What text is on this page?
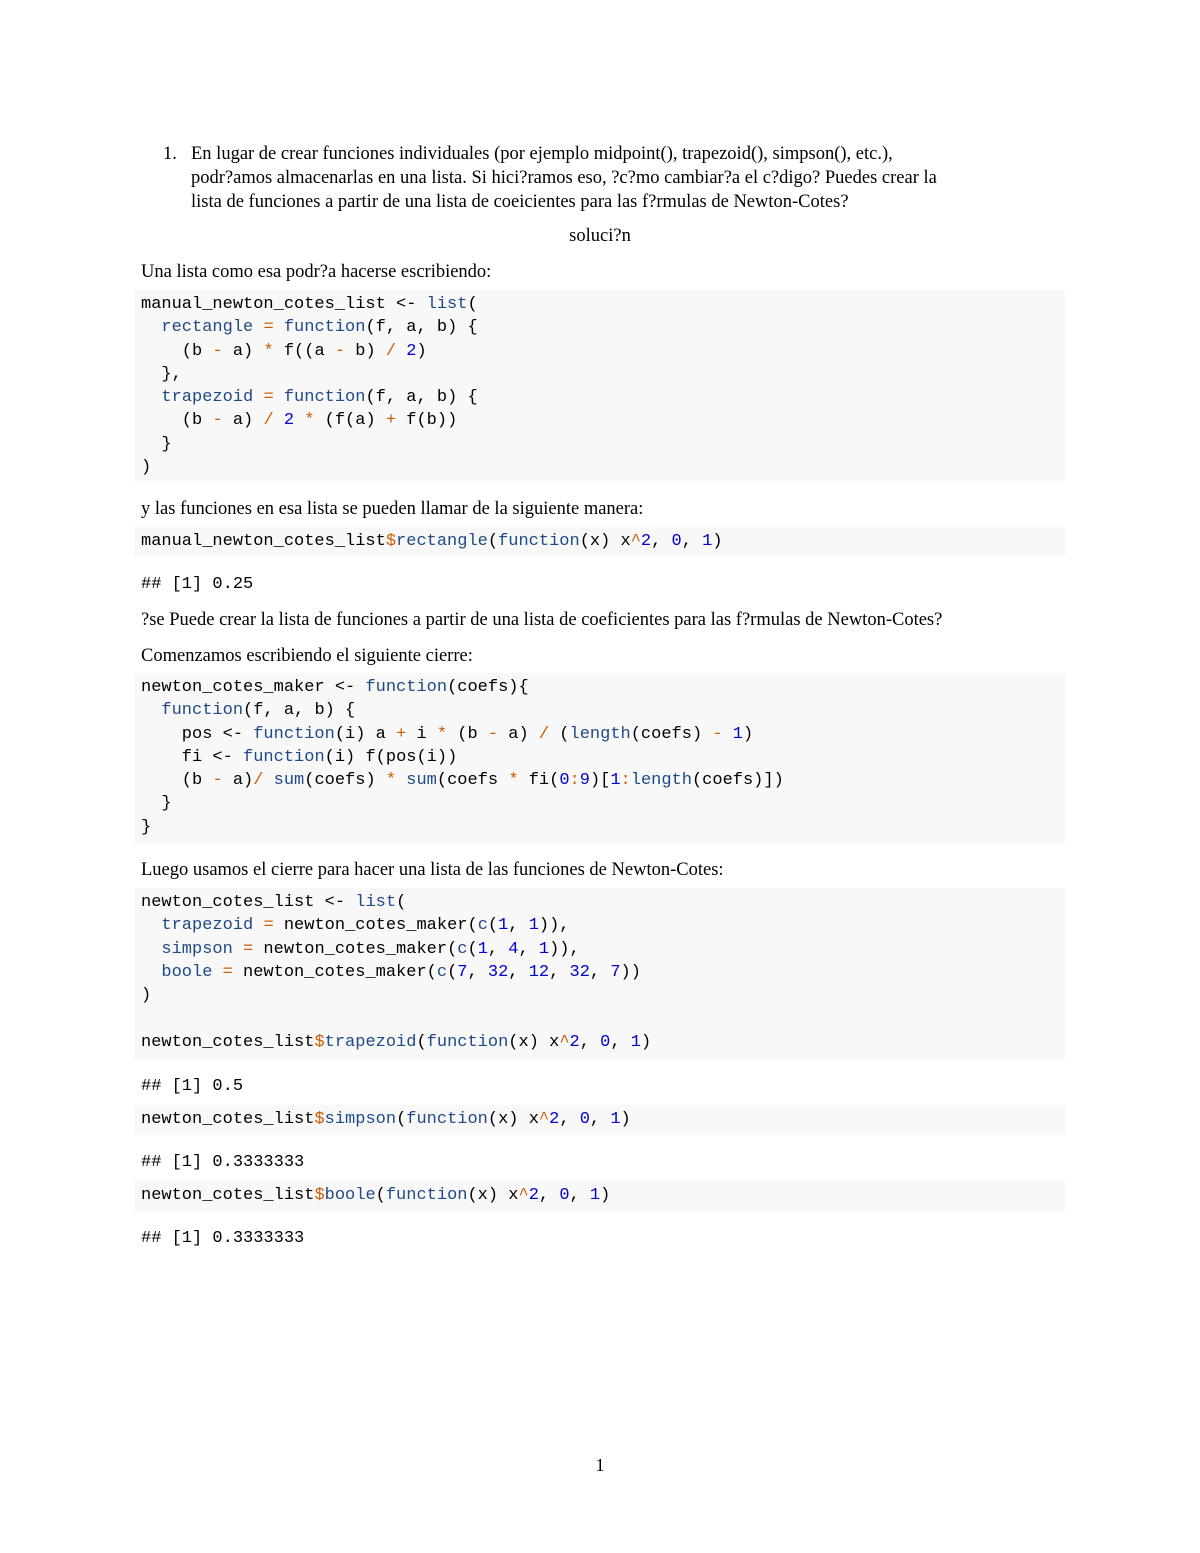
1. En lugar de crear funciones individuales (por ejemplo midpoint(), trapezoid(), simpson(), etc.),
podr?amos almacenarlas en una lista. Si hici?ramos eso, ?c?mo cambiar?a el c?digo? Puedes crear la
lista de funciones a partir de una lista de coeicientes para las f?rmulas de Newton-Cotes?
soluci?n
Una lista como esa podr?a hacerse escribiendo:
manual_newton_cotes_list <- list(
rectangle = function(f, a, b) {
(b - a) * f((a - b) / 2)
},
trapezoid = function(f, a, b) {
(b - a) / 2 * (f(a) + f(b))
}
)
y las funciones en esa lista se pueden llamar de la siguiente manera:
manual_newton_cotes_list$rectangle(function(x) x^2, 0, 1)
## [1] 0.25
?se Puede crear la lista de funciones a partir de una lista de coeficientes para las f?rmulas de Newton-Cotes?
Comenzamos escribiendo el siguiente cierre:
newton_cotes_maker <- function(coefs){
function(f, a, b) {
pos <- function(i) a + i * (b - a) / (length(coefs) - 1)
fi <- function(i) f(pos(i))
(b - a)/ sum(coefs) * sum(coefs * fi(0:9)[1:length(coefs)])
}
}
Luego usamos el cierre para hacer una lista de las funciones de Newton-Cotes:
newton_cotes_list <- list(
trapezoid = newton_cotes_maker(c(1, 1)),
simpson = newton_cotes_maker(c(1, 4, 1)),
boole = newton_cotes_maker(c(7, 32, 12, 32, 7))
)
newton_cotes_list$trapezoid(function(x) x^2, 0, 1)
## [1] 0.5
newton_cotes_list$simpson(function(x) x^2, 0, 1)
## [1] 0.3333333
newton_cotes_list$boole(function(x) x^2, 0, 1)
## [1] 0.3333333
1
